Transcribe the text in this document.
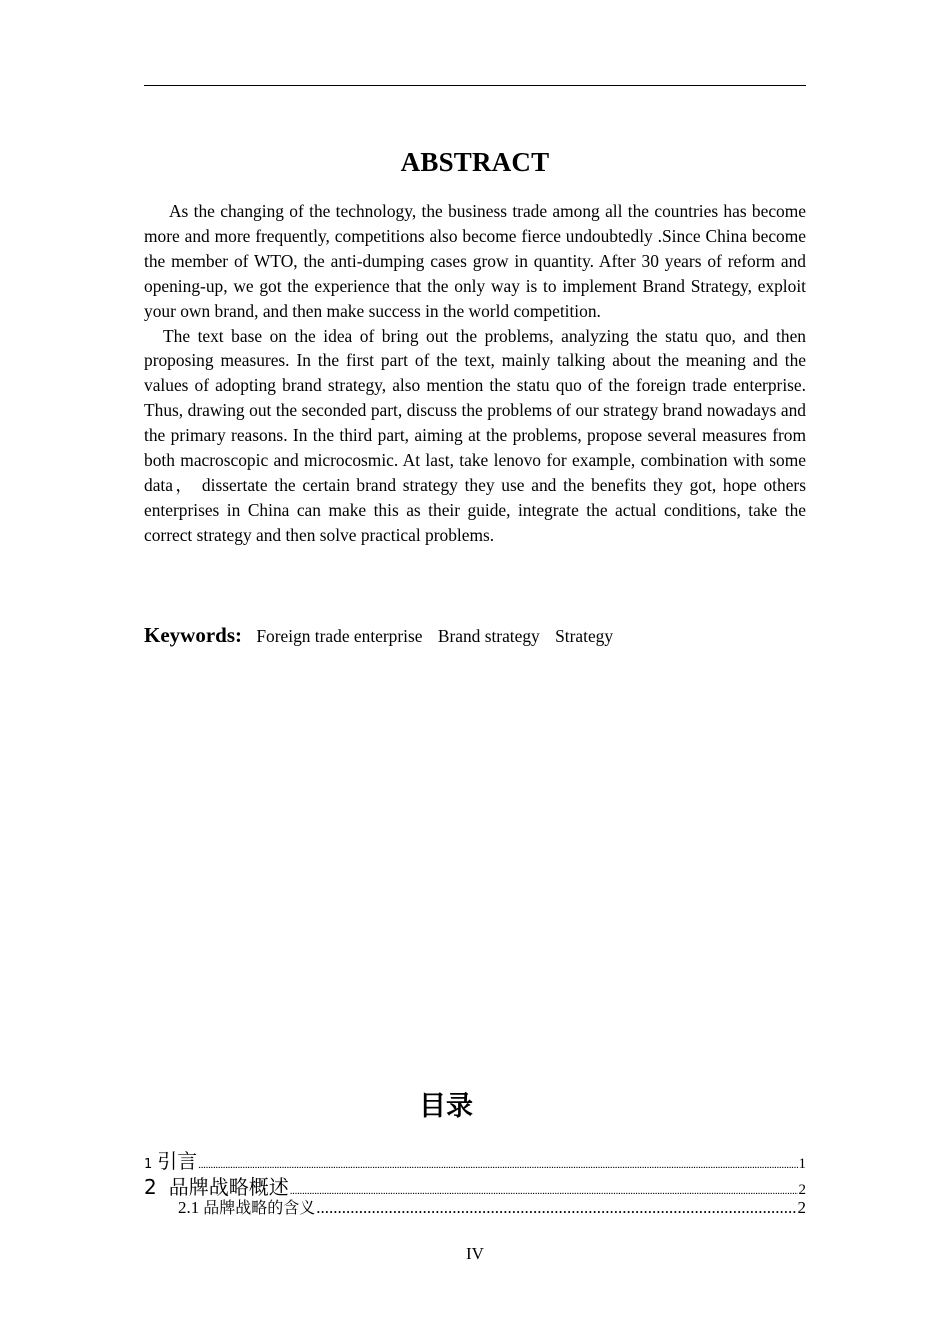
ABSTRACT

As the changing of the technology, the business trade among all the countries has become more and more frequently, competitions also become fierce undoubtedly .Since China become the member of WTO, the anti-dumping cases grow in quantity. After 30 years of reform and opening-up, we got the experience that the only way is to implement Brand Strategy, exploit your own brand, and then make success in the world competition.

The text base on the idea of bring out the problems, analyzing the statu quo, and then proposing measures. In the first part of the text, mainly talking about the meaning and the values of adopting brand strategy, also mention the statu quo of the foreign trade enterprise. Thus, drawing out the seconded part, discuss the problems of our strategy brand nowadays and the primary reasons. In the third part, aiming at the problems, propose several measures from both macroscopic and microcosmic. At last, take lenovo for example, combination with some data， dissertate the certain brand strategy they use and the benefits they got, hope others enterprises in China can make this as their guide, integrate the actual conditions, take the correct strategy and then solve practical problems.

Keywords: Foreign trade enterprise Brand strategy Strategy
目录
1 引言 .....	1
2 品牌战略概述 .....	2
2.1 品牌战略的含义 .....	2
IV
